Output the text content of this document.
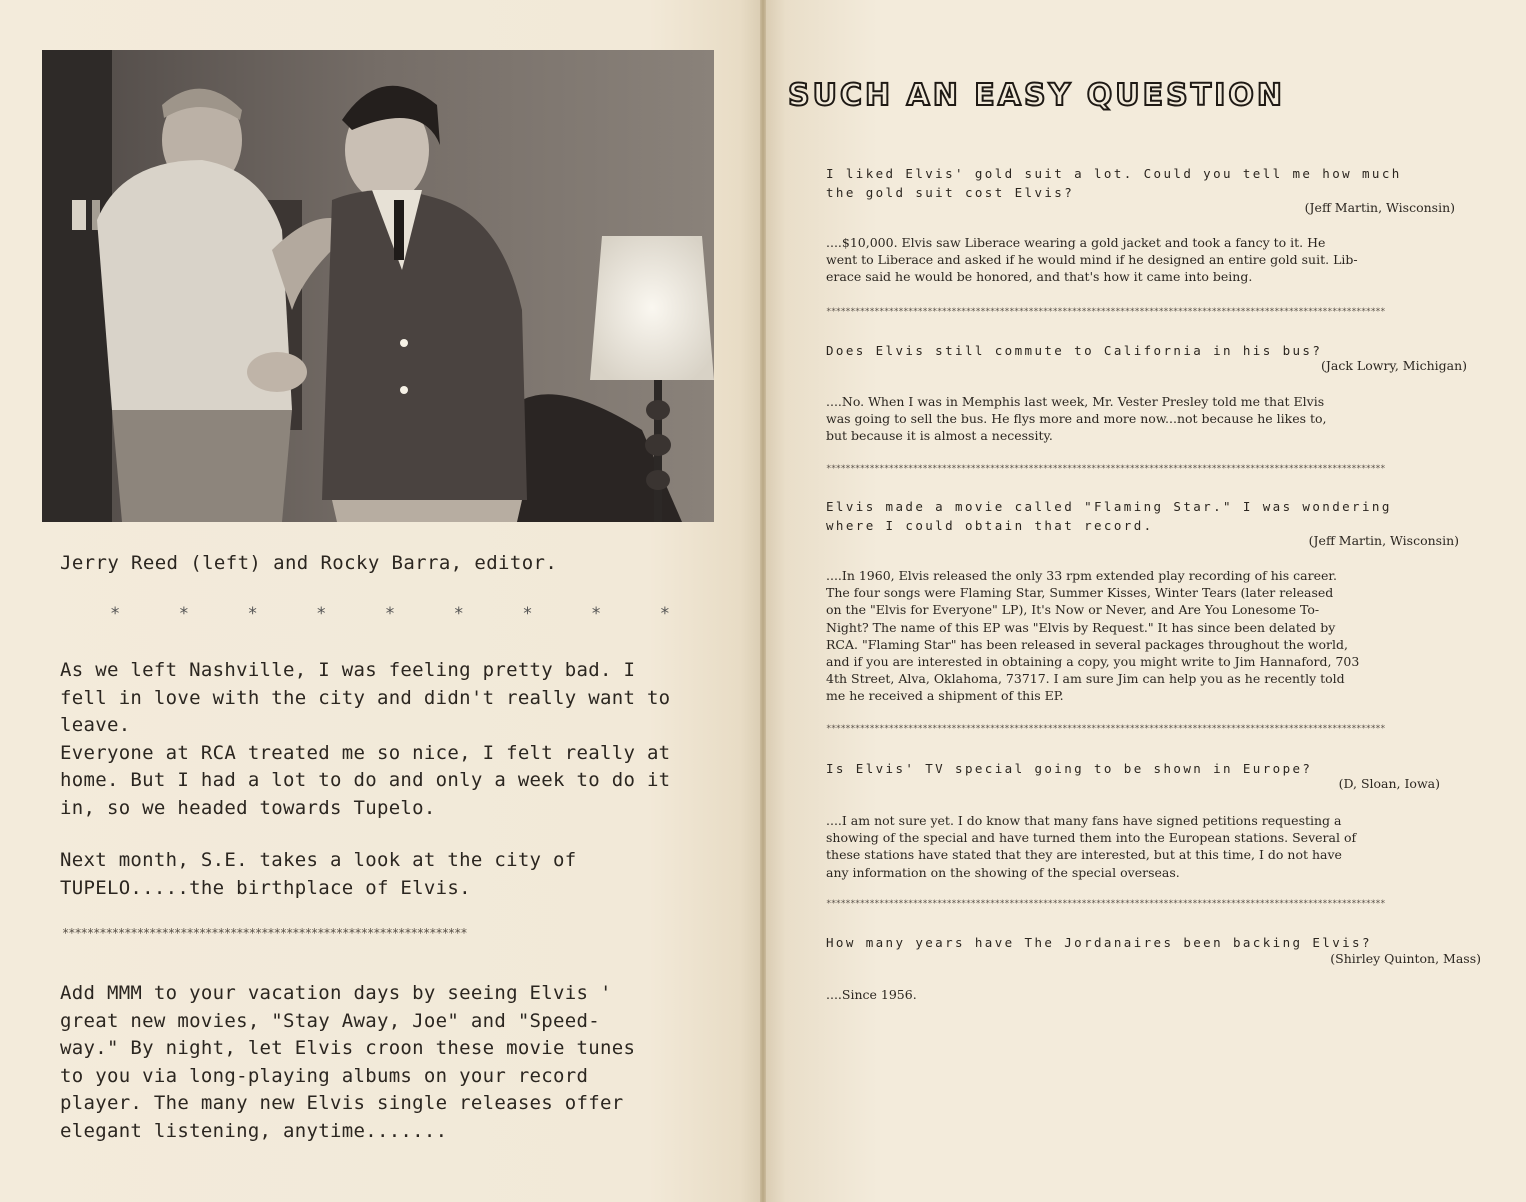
Jerry Reed (left) and Rocky Barra, editor.

*	*	*	*	*	*	*	*	*

As we left Nashville, I was feeling pretty bad. I
fell in love with the city and didn't really want to leave.
Everyone at RCA treated me so nice, I felt really at
home. But I had a lot to do and only a week to do it
in, so we headed towards Tupelo.

Next month, S.E. takes a look at the city of
TUPELO.....the birthplace of Elvis.

*****************************************************************

Add MMM to your vacation days by seeing Elvis '
great new movies, "Stay Away, Joe" and "Speed-
way." By night, let Elvis croon these movie tunes
to you via long-playing albums on your record
player. The many new Elvis single releases offer
elegant listening, anytime.......

SUCH AN EASY QUESTION

I liked Elvis' gold suit a lot. Could you tell me how much
the gold suit cost Elvis?

(Jeff Martin, Wisconsin)

....$10,000. Elvis saw Liberace wearing a gold jacket and took a fancy to it. He
went to Liberace and asked if he would mind if he designed an entire gold suit. Lib-
erace said he would be honored, and that's how it came into being.

********************************************************************************************************************

Does Elvis still commute to California in his bus?

(Jack Lowry, Michigan)

....No. When I was in Memphis last week, Mr. Vester Presley told me that Elvis
was going to sell the bus. He flys more and more now...not because he likes to,
but because it is almost a necessity.

********************************************************************************************************************

Elvis made a movie called "Flaming Star." I was wondering
where I could obtain that record.

(Jeff Martin, Wisconsin)

....In 1960, Elvis released the only 33 rpm extended play recording of his career.
The four songs were Flaming Star, Summer Kisses, Winter Tears (later released
on the "Elvis for Everyone" LP), It's Now or Never, and Are You Lonesome To-
Night? The name of this EP was "Elvis by Request." It has since been delated by
RCA. "Flaming Star" has been released in several packages throughout the world,
and if you are interested in obtaining a copy, you might write to Jim Hannaford, 703
4th Street, Alva, Oklahoma, 73717. I am sure Jim can help you as he recently told
me he received a shipment of this EP.

********************************************************************************************************************

Is Elvis' TV special going to be shown in Europe?

(D, Sloan, Iowa)

....I am not sure yet. I do know that many fans have signed petitions requesting a
showing of the special and have turned them into the European stations. Several of
these stations have stated that they are interested, but at this time, I do not have
any information on the showing of the special overseas.

********************************************************************************************************************

How many years have The Jordanaires been backing Elvis?

(Shirley Quinton, Mass)

....Since 1956.
